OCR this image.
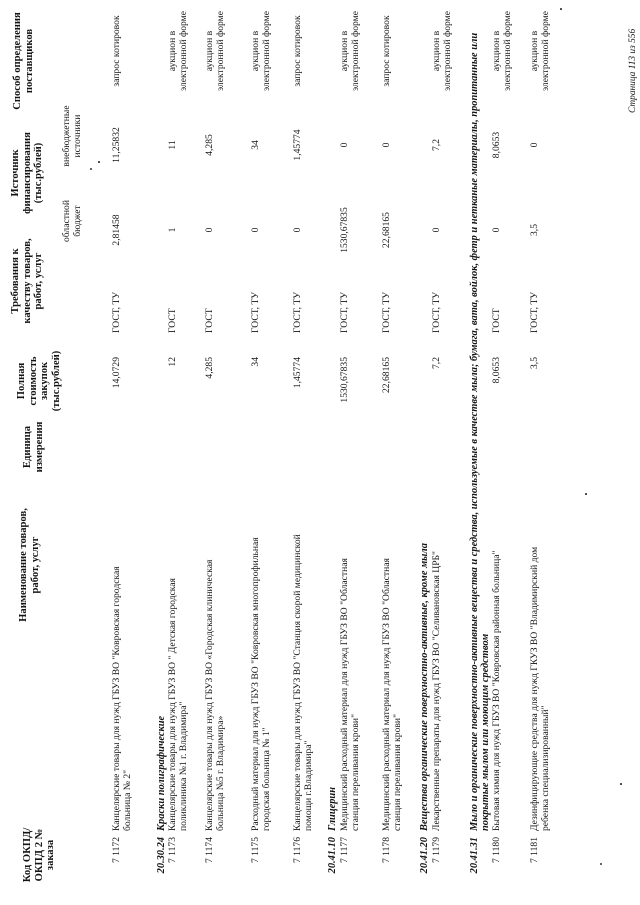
Код ОКПД/ ОКПД 2 № заказа
Наименование товаров, работ, услуг
Единица измерения
Полная стоимость закупок (тыс.рублей)
Требования к качеству товаров, работ, услуг
Источник финансирования (тыс.рублей)
областной бюджет
внебюджетные источники
Способ определения поставщиков
7 1172
Канцелярские товары для нужд ГБУЗ ВО "Ковровская городская больница № 2"
14,0729
ГОСТ, ТУ
2,81458
11,25832
запрос котировок
20.30.24
Краски полиграфические
7 1173
Канцелярские товары для нужд ГБУЗ ВО " Детская городская поликлиника №1 г. Владимира"
12
ГОСТ
1
11
аукцион в электронной форме
7 1174
Канцелярские товары для нужд ГБУЗ ВО «Городская клиническая больница №5 г. Владимира»
4,285
ГОСТ
0
4,285
аукцион в электронной форме
7 1175
Расходный материал для нужд ГБУЗ ВО "Ковровская многопрофильная городская больница № 1"
34
ГОСТ, ТУ
0
34
аукцион в электронной форме
7 1176
Канцелярские товары для нужд ГБУЗ ВО "Станция скорой медицинской помощи г.Владимира"
1,45774
ГОСТ, ТУ
0
1,45774
запрос котировок
20.41.10
Глицерин
7 1177
Медицинский расходный материал для нужд ГБУЗ ВО "Областная станция переливания крови"
1530,67835
ГОСТ, ТУ
1530,67835
0
аукцион в электронной форме
7 1178
Медицинский расходный материал для нужд ГБУЗ ВО "Областная станция переливания крови"
22,68165
ГОСТ, ТУ
22,68165
0
запрос котировок
20.41.20
Вещества органические поверхностно-активные, кроме мыла
7 1179
Лекарственные препараты для нужд ГБУЗ ВО "Селивановская ЦРБ"
7,2
ГОСТ, ТУ
0
7,2
аукцион в электронной форме
20.41.31
Мыло и органические поверхностно-активные вещества и средства, используемые в качестве мыла; бумага, вата, войлок, фетр и нетканые материалы, пропитанные или покрытые мылом или моющим средством
7 1180
Бытовая химия для нужд ГБУЗ ВО "Ковровская районная больница"
8,0653
ГОСТ
0
8,0653
аукцион в электронной форме
7 1181
Дезинфицирующие средства для нужд ГКУЗ ВО "Владимирский дом ребенка специализированный"
3,5
ГОСТ, ТУ
3,5
0
аукцион в электронной форме	Страница 113 из 556
